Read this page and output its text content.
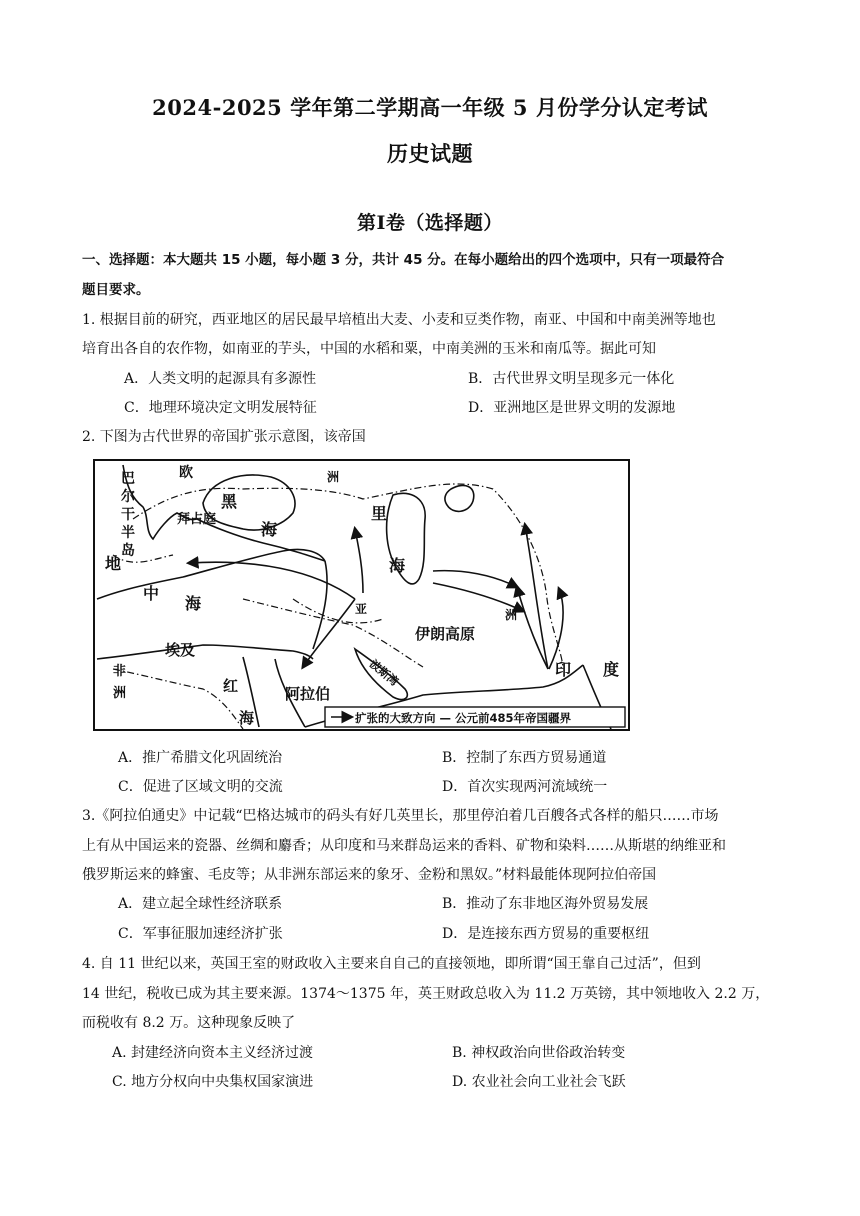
2024-2025 学年第二学期高一年级 5 月份学分认定考试
历史试题
第Ⅰ卷（选择题）
一、选择题：本大题共 15 小题，每小题 3 分，共计 45 分。在每小题给出的四个选项中，只有一项最符合
题目要求。
1. 根据目前的研究，西亚地区的居民最早培植出大麦、小麦和豆类作物，南亚、中国和中南美洲等地也
培育出各自的农作物，如南亚的芋头，中国的水稻和粟，中南美洲的玉米和南瓜等。据此可知
A．人类文明的起源具有多源性	B．古代世界文明呈现多元一体化
C．地理环境决定文明发展特征	D．亚洲地区是世界文明的发源地
2. 下图为古代世界的帝国扩张示意图，该帝国
巴
尔
干
半
岛
欧	洲
拜占庭
黑
海
里
海
地
中
海	亚	洲
伊朗高原
埃及
非
洲	红
海
阿拉伯
波斯湾	印 度
扩张的大致方向 — 公元前485年帝国疆界
A．推广希腊文化巩固统治	B．控制了东西方贸易通道
C．促进了区域文明的交流	D．首次实现两河流域统一
3.《阿拉伯通史》中记载“巴格达城市的码头有好几英里长，那里停泊着几百艘各式各样的船只……市场
上有从中国运来的瓷器、丝绸和麝香；从印度和马来群岛运来的香料、矿物和染料……从斯堪的纳维亚和
俄罗斯运来的蜂蜜、毛皮等；从非洲东部运来的象牙、金粉和黑奴。”材料最能体现阿拉伯帝国
A．建立起全球性经济联系	B．推动了东非地区海外贸易发展
C．军事征服加速经济扩张	D．是连接东西方贸易的重要枢纽
4. 自 11 世纪以来，英国王室的财政收入主要来自自己的直接领地，即所谓“国王靠自己过活”，但到
14 世纪，税收已成为其主要来源。1374～1375 年，英王财政总收入为 11.2 万英镑，其中领地收入 2.2 万，
而税收有 8.2 万。这种现象反映了
A. 封建经济向资本主义经济过渡	B. 神权政治向世俗政治转变
C. 地方分权向中央集权国家演进	D. 农业社会向工业社会飞跃
